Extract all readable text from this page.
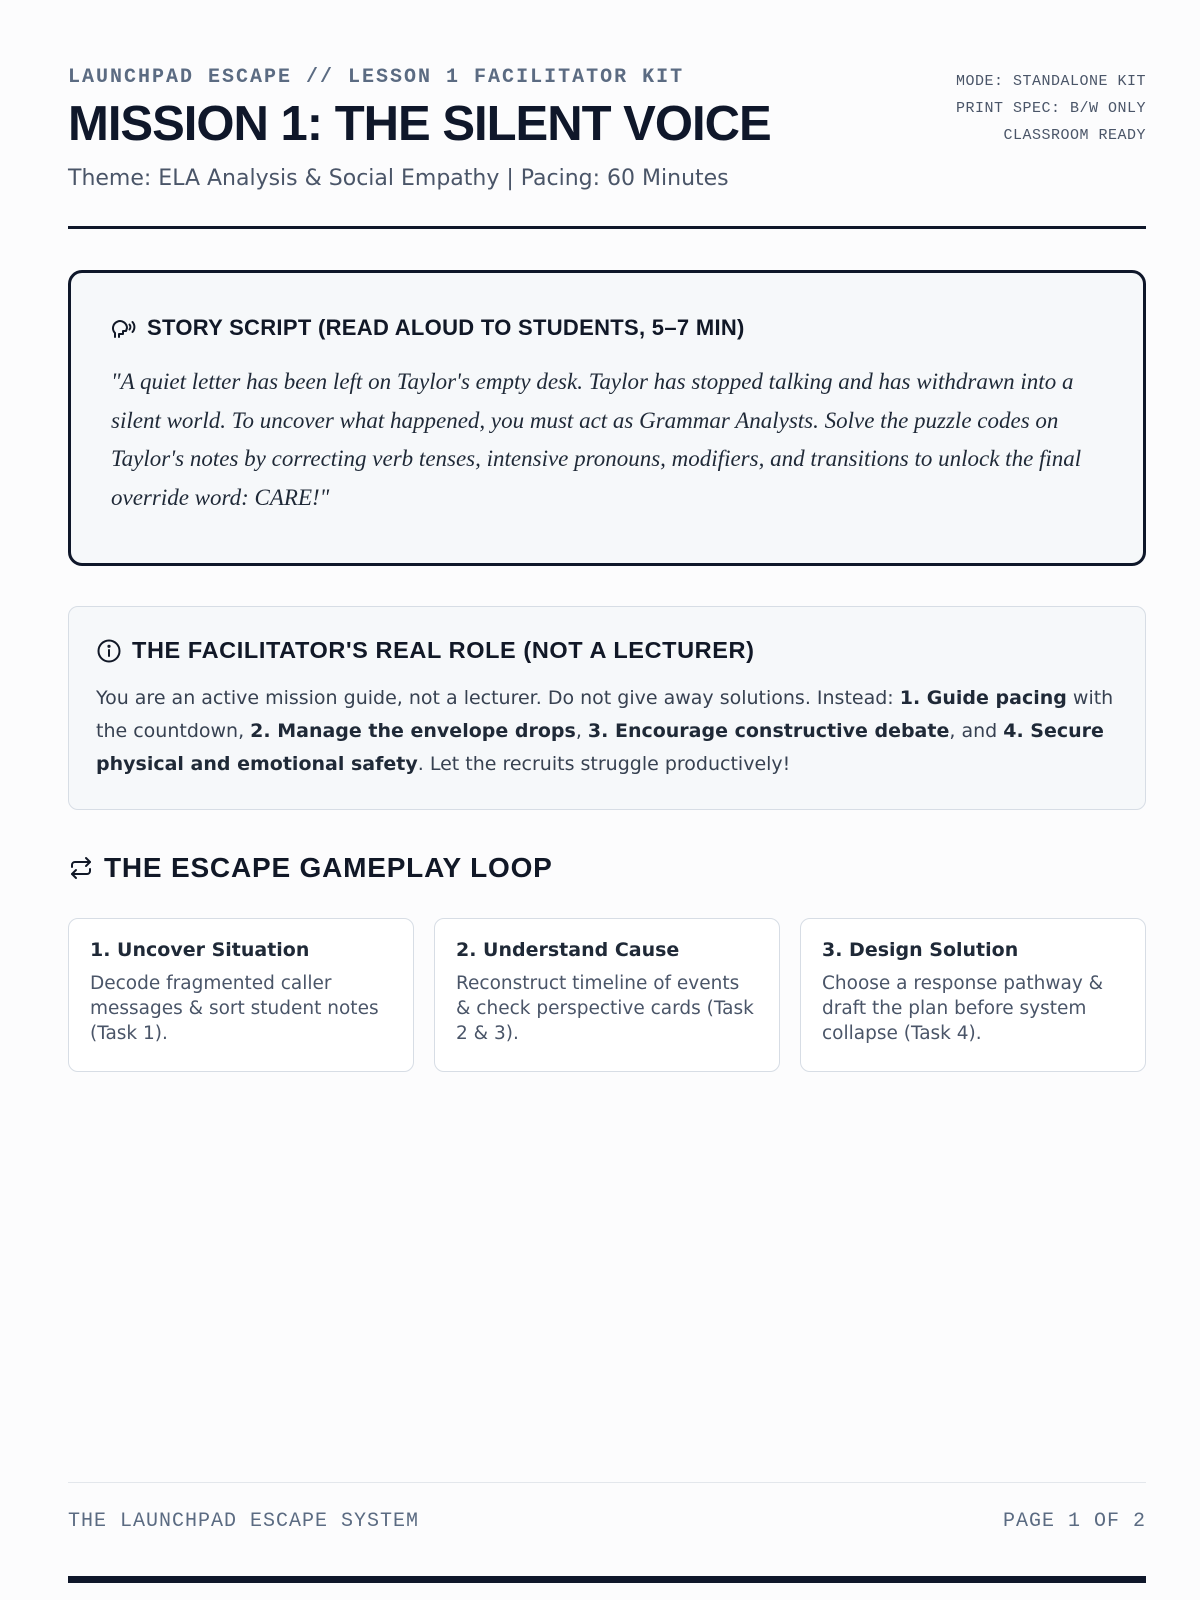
LAUNCHPAD ESCAPE // LESSON 1 FACILITATOR KIT
MISSION 1: THE SILENT VOICE
Theme: ELA Analysis & Social Empathy | Pacing: 60 Minutes
MODE: STANDALONE KIT
PRINT SPEC: B/W ONLY
CLASSROOM READY
STORY SCRIPT (READ ALOUD TO STUDENTS, 5–7 MIN)

"A quiet letter has been left on Taylor's empty desk. Taylor has stopped talking and has withdrawn into a silent world. To uncover what happened, you must act as Grammar Analysts. Solve the puzzle codes on Taylor's notes by correcting verb tenses, intensive pronouns, modifiers, and transitions to unlock the final override word: CARE!"

THE FACILITATOR'S REAL ROLE (NOT A LECTURER)

You are an active mission guide, not a lecturer. Do not give away solutions. Instead: 1. Guide pacing with the countdown, 2. Manage the envelope drops, 3. Encourage constructive debate, and 4. Secure physical and emotional safety. Let the recruits struggle productively!

THE ESCAPE GAMEPLAY LOOP
1. Uncover Situation
Decode fragmented caller messages & sort student notes (Task 1).
2. Understand Cause
Reconstruct timeline of events & check perspective cards (Task 2 & 3).
3. Design Solution
Choose a response pathway & draft the plan before system collapse (Task 4).
THE LAUNCHPAD ESCAPE SYSTEM	PAGE 1 OF 2
